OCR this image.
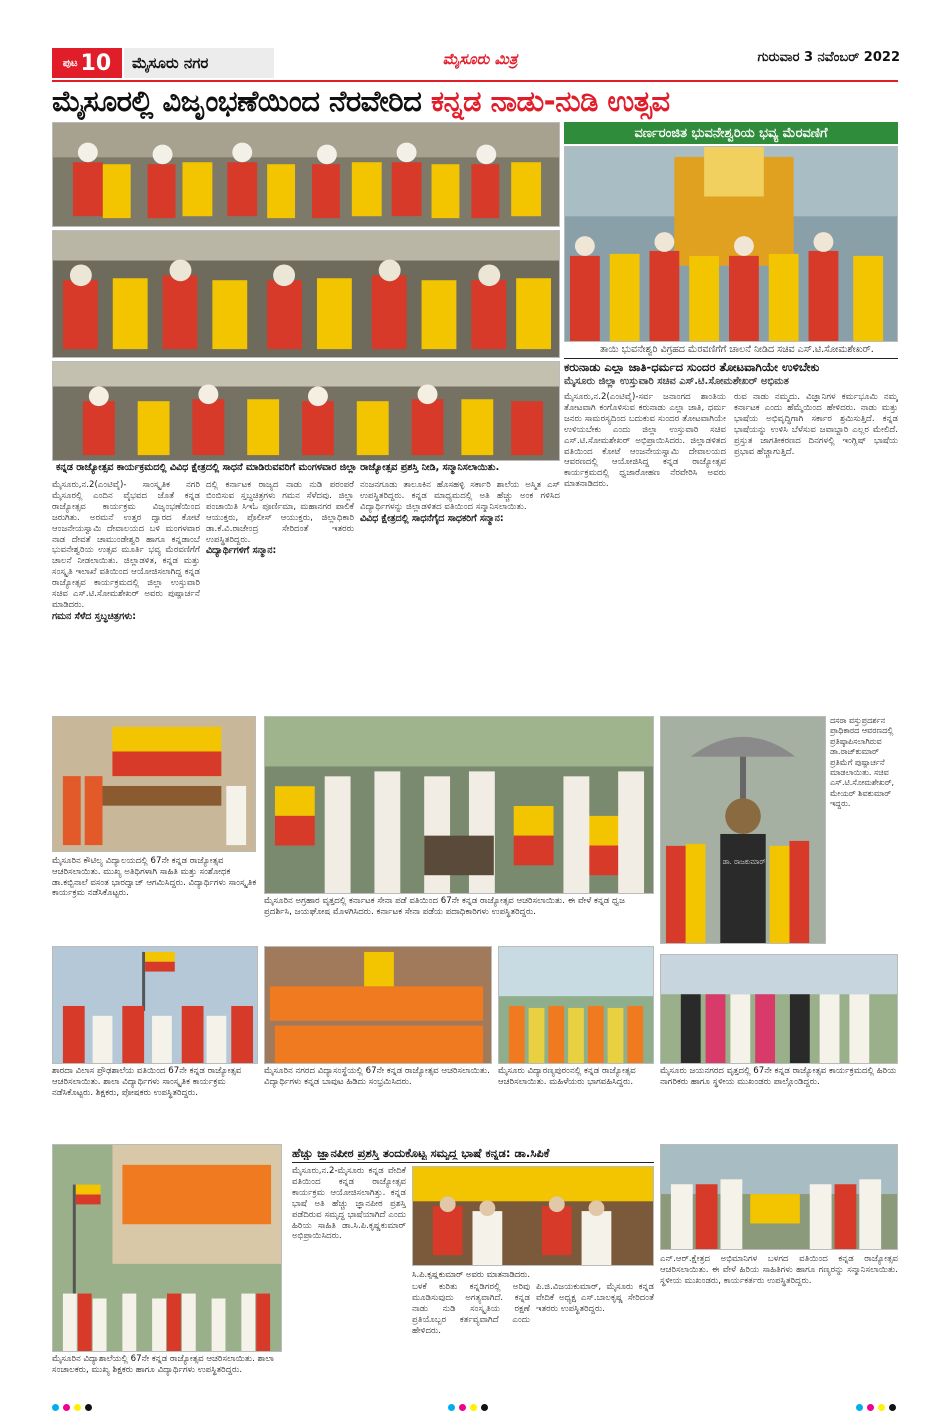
ಪುಟ 10	ಮೈಸೂರು ನಗರ	ಮೈಸೂರು ಮಿತ್ರ	ಗುರುವಾರ 3 ನವೆಂಬರ್ 2022
ಮೈಸೂರಲ್ಲಿ ವಿಜೃಂಭಣೆಯಿಂದ ನೆರವೇರಿದ ಕನ್ನಡ ನಾಡು-ನುಡಿ ಉತ್ಸವ
ಕನ್ನಡ ರಾಜ್ಯೋತ್ಸವ ಕಾರ್ಯಕ್ರಮದಲ್ಲಿ ವಿವಿಧ ಕ್ಷೇತ್ರದಲ್ಲಿ ಸಾಧನೆ ಮಾಡಿರುವವರಿಗೆ ಮಂಗಳವಾರ ಜಿಲ್ಲಾ ರಾಜ್ಯೋತ್ಸವ ಪ್ರಶಸ್ತಿ ನೀಡಿ, ಸನ್ಮಾನಿಸಲಾಯಿತು.
ಮೈಸೂರು,ನ.2(ಎಂಟಿವೈ)- ಸಾಂಸ್ಕೃತಿಕ ನಗರಿ ಮೈಸೂರಲ್ಲಿ ಎಂದಿನ ವೈಭವದ ಜೊತೆ ಕನ್ನಡ ರಾಜ್ಯೋತ್ಸವ ಕಾರ್ಯಕ್ರಮ ವಿಜೃಂಭಣೆಯಿಂದ ಜರುಗಿತು. ಅರಮನೆ ಉತ್ತರ ದ್ವಾರದ ಕೋಟೆ ಆಂಜನೇಯಸ್ವಾಮಿ ದೇವಾಲಯದ ಬಳಿ ಮಂಗಳವಾರ ನಾಡ ದೇವತೆ ಚಾಮುಂಡೇಶ್ವರಿ ಹಾಗೂ ಕನ್ನಡಾಂಬೆ ಭುವನೇಶ್ವರಿಯ ಉತ್ಸವ ಮೂರ್ತಿ ಭವ್ಯ ಮೆರವಣಿಗೆಗೆ ಚಾಲನೆ ನೀಡಲಾಯಿತು. ಜಿಲ್ಲಾಡಳಿತ, ಕನ್ನಡ ಮತ್ತು ಸಂಸ್ಕೃತಿ ಇಲಾಖೆ ವತಿಯಿಂದ ಆಯೋಜಿಸಲಾಗಿದ್ದ ಕನ್ನಡ ರಾಜ್ಯೋತ್ಸವ ಕಾರ್ಯಕ್ರಮದಲ್ಲಿ ಜಿಲ್ಲಾ ಉಸ್ತುವಾರಿ ಸಚಿವ ಎಸ್.ಟಿ.ಸೋಮಶೇಖರ್ ಅವರು ಪುಷ್ಪಾರ್ಚನೆ ಮಾಡಿದರು.
ಗಮನ ಸೆಳೆದ ಸ್ತಬ್ಧಚಿತ್ರಗಳು:
ದಲ್ಲಿ ಕರ್ನಾಟಕ ರಾಜ್ಯದ ನಾಡು ನುಡಿ ಪರಂಪರೆ ಬಿಂಬಿಸುವ ಸ್ತಬ್ಧಚಿತ್ರಗಳು ಗಮನ ಸೆಳೆದವು. ಜಿಲ್ಲಾ ಪಂಚಾಯಿತಿ ಸಿಇಓ ಪೂರ್ಣಿಮಾ, ಮಹಾನಗರ ಪಾಲಿಕೆ ಆಯುಕ್ತರು, ಪೊಲೀಸ್ ಆಯುಕ್ತರು, ಜಿಲ್ಲಾಧಿಕಾರಿ ಡಾ.ಕೆ.ವಿ.ರಾಜೇಂದ್ರ ಸೇರಿದಂತೆ ಇತರರು ಉಪಸ್ಥಿತರಿದ್ದರು.
ವಿದ್ಯಾರ್ಥಿಗಳಿಗೆ ಸನ್ಮಾನ:
ನಂಜನಗೂಡು ತಾಲೂಕಿನ ಹೊಸಹಳ್ಳಿ ಸರ್ಕಾರಿ ಶಾಲೆಯ ಅಸ್ಮಿತ ಎಸ್ ಉಪಸ್ಥಿತರಿದ್ದರು. ಕನ್ನಡ ಮಾಧ್ಯಮದಲ್ಲಿ ಅತಿ ಹೆಚ್ಚು ಅಂಕ ಗಳಿಸಿದ ವಿದ್ಯಾರ್ಥಿಗಳನ್ನು ಜಿಲ್ಲಾಡಳಿತದ ವತಿಯಿಂದ ಸನ್ಮಾನಿಸಲಾಯಿತು.
ವಿವಿಧ ಕ್ಷೇತ್ರದಲ್ಲಿ ಸಾಧನೆಗೈದ ಸಾಧಕರಿಗೆ ಸನ್ಮಾನ:
ವರ್ಣರಂಜಿತ ಭುವನೇಶ್ವರಿಯ ಭವ್ಯ ಮೆರವಣಿಗೆ
ತಾಯಿ ಭುವನೇಶ್ವರಿ ವಿಗ್ರಹದ ಮೆರವಣಿಗೆಗೆ ಚಾಲನೆ ನೀಡಿದ ಸಚಿವ ಎಸ್.ಟಿ.ಸೋಮಶೇಖರ್.
ಕರುನಾಡು ಎಲ್ಲಾ ಜಾತಿ-ಧರ್ಮದ ಸುಂದರ ತೋಟವಾಗಿಯೇ ಉಳಿಬೇಕು
ಮೈಸೂರು ಜಿಲ್ಲಾ ಉಸ್ತುವಾರಿ ಸಚಿವ ಎಸ್.ಟಿ.ಸೋಮಶೇಖರ್ ಅಭಿಮತ
ಮೈಸೂರು,ನ.2(ಎಂಟಿವೈ)-ಸರ್ವ ಜನಾಂಗದ ಶಾಂತಿಯ ತೋಟವಾಗಿ ಕಂಗೊಳಿಸುವ ಕರುನಾಡು ಎಲ್ಲಾ ಜಾತಿ, ಧರ್ಮ ಜನರು ಸಾಮರಸ್ಯದಿಂದ ಬದುಕುವ ಸುಂದರ ತೋಟವಾಗಿಯೇ ಉಳಿಯಬೇಕು ಎಂದು ಜಿಲ್ಲಾ ಉಸ್ತುವಾರಿ ಸಚಿವ ಎಸ್.ಟಿ.ಸೋಮಶೇಖರ್ ಅಭಿಪ್ರಾಯಿಸಿದರು. ಜಿಲ್ಲಾಡಳಿತದ ವತಿಯಿಂದ ಕೋಟೆ ಆಂಜನೇಯಸ್ವಾಮಿ ದೇವಾಲಯದ ಆವರಣದಲ್ಲಿ ಆಯೋಜಿಸಿದ್ದ ಕನ್ನಡ ರಾಜ್ಯೋತ್ಸವ ಕಾರ್ಯಕ್ರಮದಲ್ಲಿ ಧ್ವಜಾರೋಹಣ ನೆರವೇರಿಸಿ ಅವರು ಮಾತನಾಡಿದರು.
ರುವ ನಾಡು ನಮ್ಮದು. ವಿಜ್ಞಾನಿಗಳ ಕರ್ಮಭೂಮಿ ನಮ್ಮ ಕರ್ನಾಟಕ ಎಂದು ಹೆಮ್ಮೆಯಿಂದ ಹೇಳಿದರು. ನಾಡು ಮತ್ತು ಭಾಷೆಯ ಅಭಿವೃದ್ಧಿಗಾಗಿ ಸರ್ಕಾರ ಶ್ರಮಿಸುತ್ತಿದೆ. ಕನ್ನಡ ಭಾಷೆಯನ್ನು ಉಳಿಸಿ ಬೆಳೆಸುವ ಜವಾಬ್ದಾರಿ ಎಲ್ಲರ ಮೇಲಿದೆ. ಪ್ರಸ್ತುತ ಜಾಗತೀಕರಣದ ದಿನಗಳಲ್ಲಿ ಇಂಗ್ಲಿಷ್ ಭಾಷೆಯ ಪ್ರಭಾವ ಹೆಚ್ಚಾಗುತ್ತಿದೆ.
ಮೈಸೂರಿನ ಕೌಟಿಲ್ಯ ವಿದ್ಯಾಲಯದಲ್ಲಿ 67ನೇ ಕನ್ನಡ ರಾಜ್ಯೋತ್ಸವ ಆಚರಿಸಲಾಯಿತು. ಮುಖ್ಯ ಅತಿಥಿಗಳಾಗಿ ಸಾಹಿತಿ ಮತ್ತು ಸಂಶೋಧಕ ಡಾ.ಕಬ್ಬಿನಾಲೆ ವಸಂತ ಭಾರದ್ವಾಜ್ ಆಗಮಿಸಿದ್ದರು. ವಿದ್ಯಾರ್ಥಿಗಳು ಸಾಂಸ್ಕೃತಿಕ ಕಾರ್ಯಕ್ರಮ ನಡೆಸಿಕೊಟ್ಟರು.
ಮೈಸೂರಿನ ಅಗ್ರಹಾರ ವೃತ್ತದಲ್ಲಿ ಕರ್ನಾಟಕ ಸೇನಾ ಪಡೆ ವತಿಯಿಂದ 67ನೇ ಕನ್ನಡ ರಾಜ್ಯೋತ್ಸವ ಆಚರಿಸಲಾಯಿತು. ಈ ವೇಳೆ ಕನ್ನಡ ಧ್ವಜ ಪ್ರದರ್ಶಿಸಿ, ಜಯಘೋಷ ಮೊಳಗಿಸಿದರು. ಕರ್ನಾಟಕ ಸೇನಾ ಪಡೆಯ ಪದಾಧಿಕಾರಿಗಳು ಉಪಸ್ಥಿತರಿದ್ದರು.
ಡಾ. ರಾಜಕುಮಾರ್
ದಸರಾ ವಸ್ತುಪ್ರದರ್ಶನ ಪ್ರಾಧಿಕಾರದ ಆವರಣದಲ್ಲಿ ಪ್ರತಿಷ್ಠಾಪಿಸಲಾಗಿರುವ ಡಾ.ರಾಜ್‌ಕುಮಾರ್ ಪ್ರತಿಮೆಗೆ ಪುಷ್ಪಾರ್ಚನೆ ಮಾಡಲಾಯಿತು. ಸಚಿವ ಎಸ್.ಟಿ.ಸೋಮಶೇಖರ್, ಮೇಯರ್ ಶಿವಕುಮಾರ್ ಇದ್ದರು.
ಶಾರದಾ ವಿಲಾಸ ಪ್ರೌಢಶಾಲೆಯ ವತಿಯಿಂದ 67ನೇ ಕನ್ನಡ ರಾಜ್ಯೋತ್ಸವ ಆಚರಿಸಲಾಯಿತು. ಶಾಲಾ ವಿದ್ಯಾರ್ಥಿಗಳು ಸಾಂಸ್ಕೃತಿಕ ಕಾರ್ಯಕ್ರಮ ನಡೆಸಿಕೊಟ್ಟರು. ಶಿಕ್ಷಕರು, ಪೋಷಕರು ಉಪಸ್ಥಿತರಿದ್ದರು.
ಮೈಸೂರಿನ ನಗರದ ವಿದ್ಯಾಸಂಸ್ಥೆಯಲ್ಲಿ 67ನೇ ಕನ್ನಡ ರಾಜ್ಯೋತ್ಸವ ಆಚರಿಸಲಾಯಿತು. ವಿದ್ಯಾರ್ಥಿಗಳು ಕನ್ನಡ ಬಾವುಟ ಹಿಡಿದು ಸಂಭ್ರಮಿಸಿದರು.
ಮೈಸೂರು ವಿದ್ಯಾರಣ್ಯಪುರಂನಲ್ಲಿ ಕನ್ನಡ ರಾಜ್ಯೋತ್ಸವ ಆಚರಿಸಲಾಯಿತು. ಮಹಿಳೆಯರು ಭಾಗವಹಿಸಿದ್ದರು.
ಮೈಸೂರು ಜಯನಗರದ ವೃತ್ತದಲ್ಲಿ 67ನೇ ಕನ್ನಡ ರಾಜ್ಯೋತ್ಸವ ಕಾರ್ಯಕ್ರಮದಲ್ಲಿ ಹಿರಿಯ ನಾಗರಿಕರು ಹಾಗೂ ಸ್ಥಳೀಯ ಮುಖಂಡರು ಪಾಲ್ಗೊಂಡಿದ್ದರು.
ಮೈಸೂರಿನ ವಿದ್ಯಾಶಾಲೆಯಲ್ಲಿ 67ನೇ ಕನ್ನಡ ರಾಜ್ಯೋತ್ಸವ ಆಚರಿಸಲಾಯಿತು. ಶಾಲಾ ಸಂಚಾಲಕರು, ಮುಖ್ಯ ಶಿಕ್ಷಕರು ಹಾಗೂ ವಿದ್ಯಾರ್ಥಿಗಳು ಉಪಸ್ಥಿತರಿದ್ದರು.
ಹೆಚ್ಚು ಜ್ಞಾನಪೀಠ ಪ್ರಶಸ್ತಿ ತಂದುಕೊಟ್ಟ ಸಮೃದ್ಧ ಭಾಷೆ ಕನ್ನಡ: ಡಾ.ಸಿಪಿಕೆ
ಮೈಸೂರು,ನ.2-ಮೈಸೂರು ಕನ್ನಡ ವೇದಿಕೆ ವತಿಯಿಂದ ಕನ್ನಡ ರಾಜ್ಯೋತ್ಸವ ಕಾರ್ಯಕ್ರಮ ಆಯೋಜಿಸಲಾಗಿತ್ತು. ಕನ್ನಡ ಭಾಷೆ ಅತಿ ಹೆಚ್ಚು ಜ್ಞಾನಪೀಠ ಪ್ರಶಸ್ತಿ ಪಡೆದಿರುವ ಸಮೃದ್ಧ ಭಾಷೆಯಾಗಿದೆ ಎಂದು ಹಿರಿಯ ಸಾಹಿತಿ ಡಾ.ಸಿ.ಪಿ.ಕೃಷ್ಣಕುಮಾರ್ ಅಭಿಪ್ರಾಯಿಸಿದರು.
ಸಿ.ಪಿ.ಕೃಷ್ಣಕುಮಾರ್ ಅವರು ಮಾತನಾಡಿದರು.
ಬಳಕೆ ಕುರಿತು ಕನ್ನಡಿಗರಲ್ಲಿ ಅರಿವು ಮೂಡಿಸುವುದು ಅಗತ್ಯವಾಗಿದೆ. ಕನ್ನಡ ನಾಡು ನುಡಿ ಸಂಸ್ಕೃತಿಯ ರಕ್ಷಣೆ ಪ್ರತಿಯೊಬ್ಬರ ಕರ್ತವ್ಯವಾಗಿದೆ ಎಂದು ಹೇಳಿದರು.
ಪಿ.ಜಿ.ವಿಜಯಕುಮಾರ್, ಮೈಸೂರು ಕನ್ನಡ ವೇದಿಕೆ ಅಧ್ಯಕ್ಷ ಎಸ್.ಬಾಲಕೃಷ್ಣ ಸೇರಿದಂತೆ ಇತರರು ಉಪಸ್ಥಿತರಿದ್ದರು.
ಎನ್.ಆರ್.ಕ್ಷೇತ್ರದ ಅಭಿಮಾನಿಗಳ ಬಳಗದ ವತಿಯಿಂದ ಕನ್ನಡ ರಾಜ್ಯೋತ್ಸವ ಆಚರಿಸಲಾಯಿತು. ಈ ವೇಳೆ ಹಿರಿಯ ಸಾಹಿತಿಗಳು ಹಾಗೂ ಗಣ್ಯರನ್ನು ಸನ್ಮಾನಿಸಲಾಯಿತು. ಸ್ಥಳೀಯ ಮುಖಂಡರು, ಕಾರ್ಯಕರ್ತರು ಉಪಸ್ಥಿತರಿದ್ದರು.
